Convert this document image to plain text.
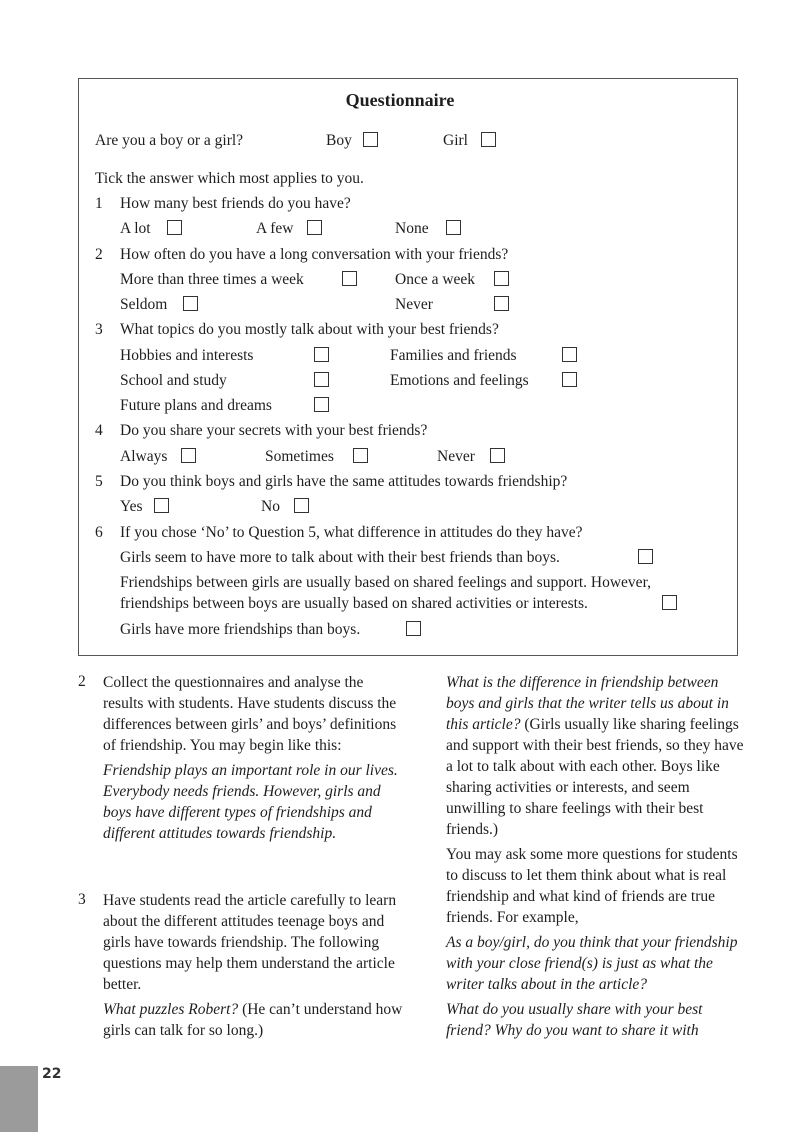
Questionnaire
Are you a boy or a girl?	Boy	Girl
Tick the answer which most applies to you.
1 How many best friends do you have?
A lot	A few	None
2 How often do you have a long conversation with your friends?
More than three times a week	Once a week
Seldom	Never
3 What topics do you mostly talk about with your best friends?
Hobbies and interests	Families and friends
School and study	Emotions and feelings
Future plans and dreams
4 Do you share your secrets with your best friends?
Always	Sometimes	Never
5 Do you think boys and girls have the same attitudes towards friendship?
Yes	No
6 If you chose ‘No’ to Question 5, what difference in attitudes do they have?
Girls seem to have more to talk about with their best friends than boys.
Friendships between girls are usually based on shared feelings and support. However,
friendships between boys are usually based on shared activities or interests.
Girls have more friendships than boys.
2 Collect the questionnaires and analyse the results with students. Have students discuss the differences between girls’ and boys’ definitions of friendship. You may begin like this:

Friendship plays an important role in our lives. Everybody needs friends. However, girls and boys have different types of friendships and different attitudes towards friendship.

3 Have students read the article carefully to learn about the different attitudes teenage boys and girls have towards friendship. The following questions may help them understand the article better.

What puzzles Robert? (He can’t understand how girls can talk for so long.)

What is the difference in friendship between boys and girls that the writer tells us about in this article? (Girls usually like sharing feelings and support with their best friends, so they have a lot to talk about with each other. Boys like sharing activities or interests, and seem unwilling to share feelings with their best friends.)

You may ask some more questions for students to discuss to let them think about what is real friendship and what kind of friends are true friends. For example,

As a boy/girl, do you think that your friendship with your close friend(s) is just as what the writer talks about in the article?

What do you usually share with your best friend? Why do you want to share it with

22
